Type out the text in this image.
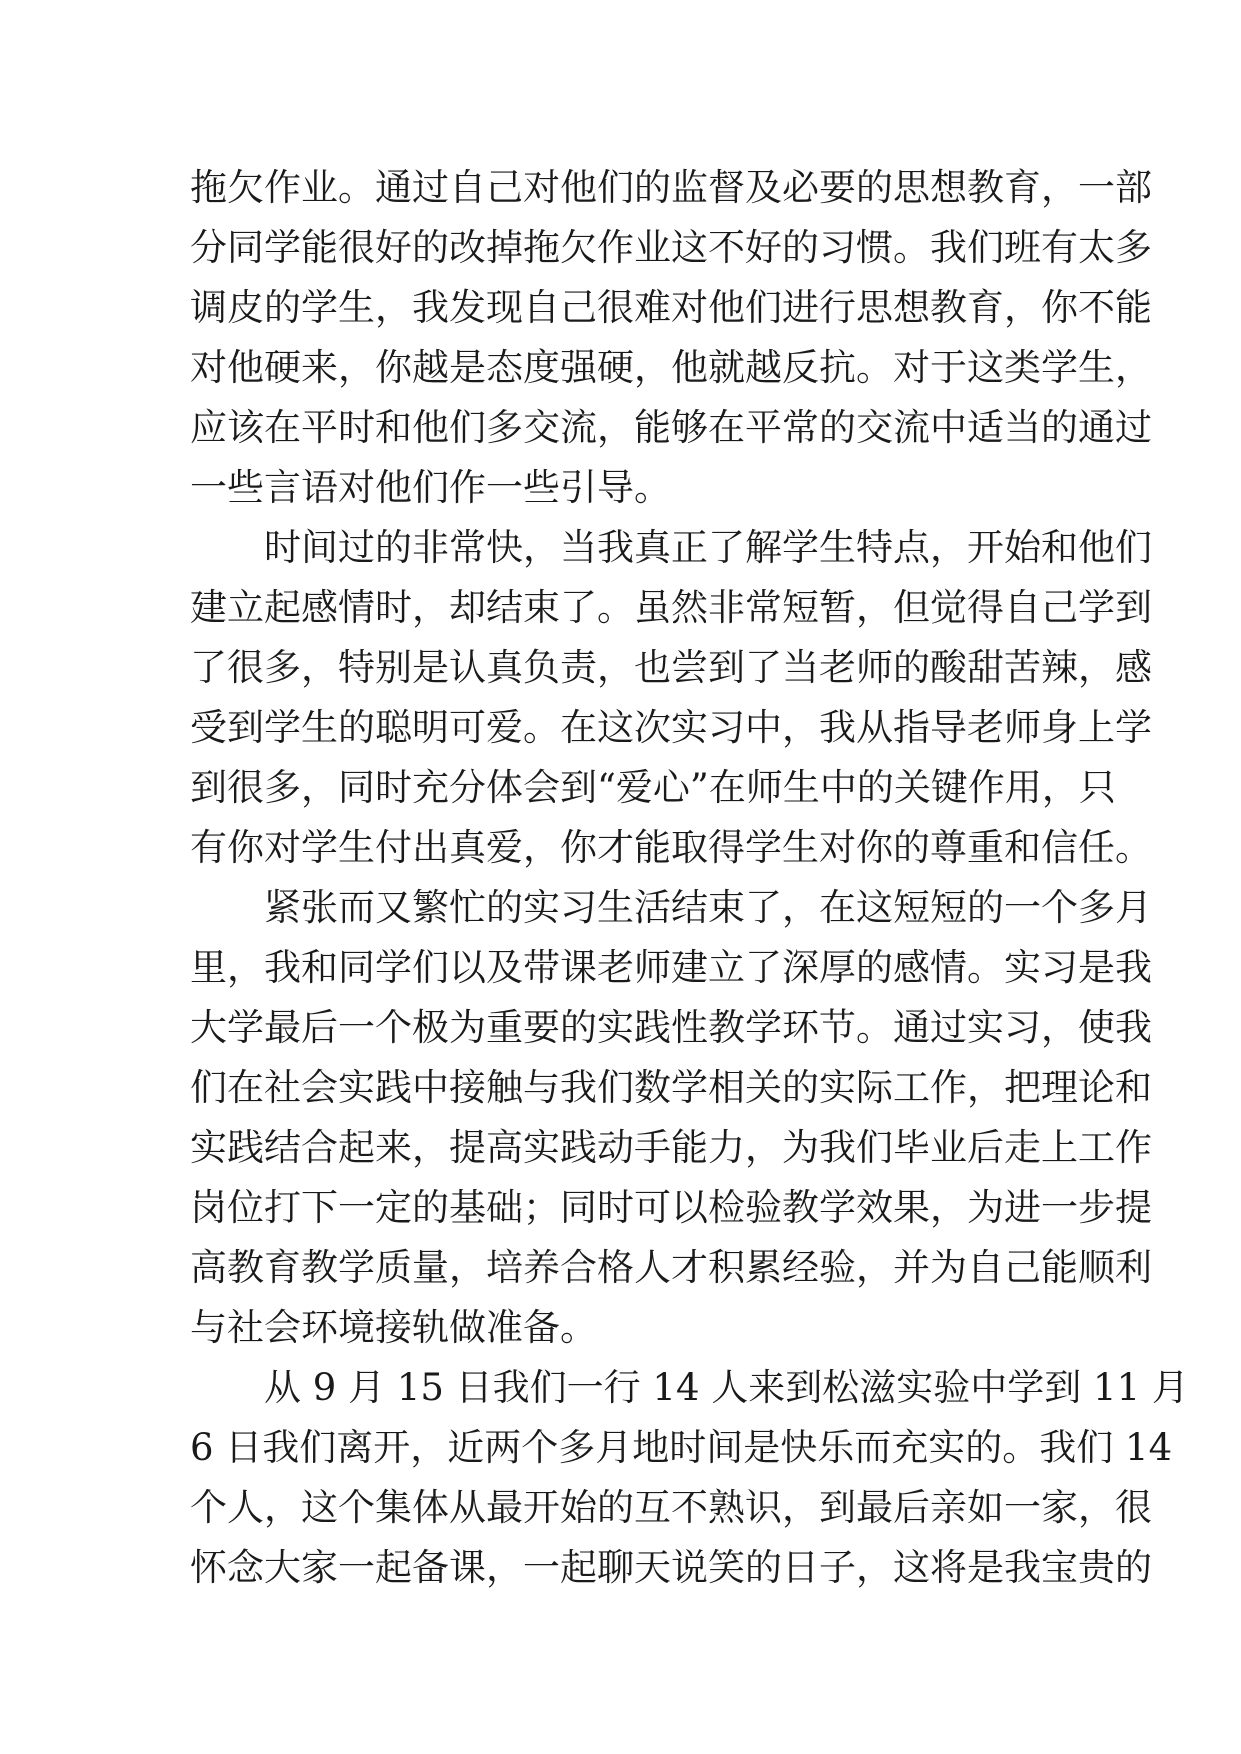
拖欠作业。通过自己对他们的监督及必要的思想教育，一部
分同学能很好的改掉拖欠作业这不好的习惯。我们班有太多
调皮的学生，我发现自己很难对他们进行思想教育，你不能
对他硬来，你越是态度强硬，他就越反抗。对于这类学生，
应该在平时和他们多交流，能够在平常的交流中适当的通过
一些言语对他们作一些引导。
时间过的非常快，当我真正了解学生特点，开始和他们
建立起感情时，却结束了。虽然非常短暂，但觉得自己学到
了很多，特别是认真负责，也尝到了当老师的酸甜苦辣，感
受到学生的聪明可爱。在这次实习中，我从指导老师身上学
到很多，同时充分体会到“爱心”在师生中的关键作用，只
有你对学生付出真爱，你才能取得学生对你的尊重和信任。
紧张而又繁忙的实习生活结束了，在这短短的一个多月
里，我和同学们以及带课老师建立了深厚的感情。实习是我
大学最后一个极为重要的实践性教学环节。通过实习，使我
们在社会实践中接触与我们数学相关的实际工作，把理论和
实践结合起来，提高实践动手能力，为我们毕业后走上工作
岗位打下一定的基础；同时可以检验教学效果，为进一步提
高教育教学质量，培养合格人才积累经验，并为自己能顺利
与社会环境接轨做准备。
从 9 月 15 日我们一行 14 人来到松滋实验中学到 11 月
6 日我们离开，近两个多月地时间是快乐而充实的。我们 14
个人，这个集体从最开始的互不熟识，到最后亲如一家，很
怀念大家一起备课，一起聊天说笑的日子，这将是我宝贵的
